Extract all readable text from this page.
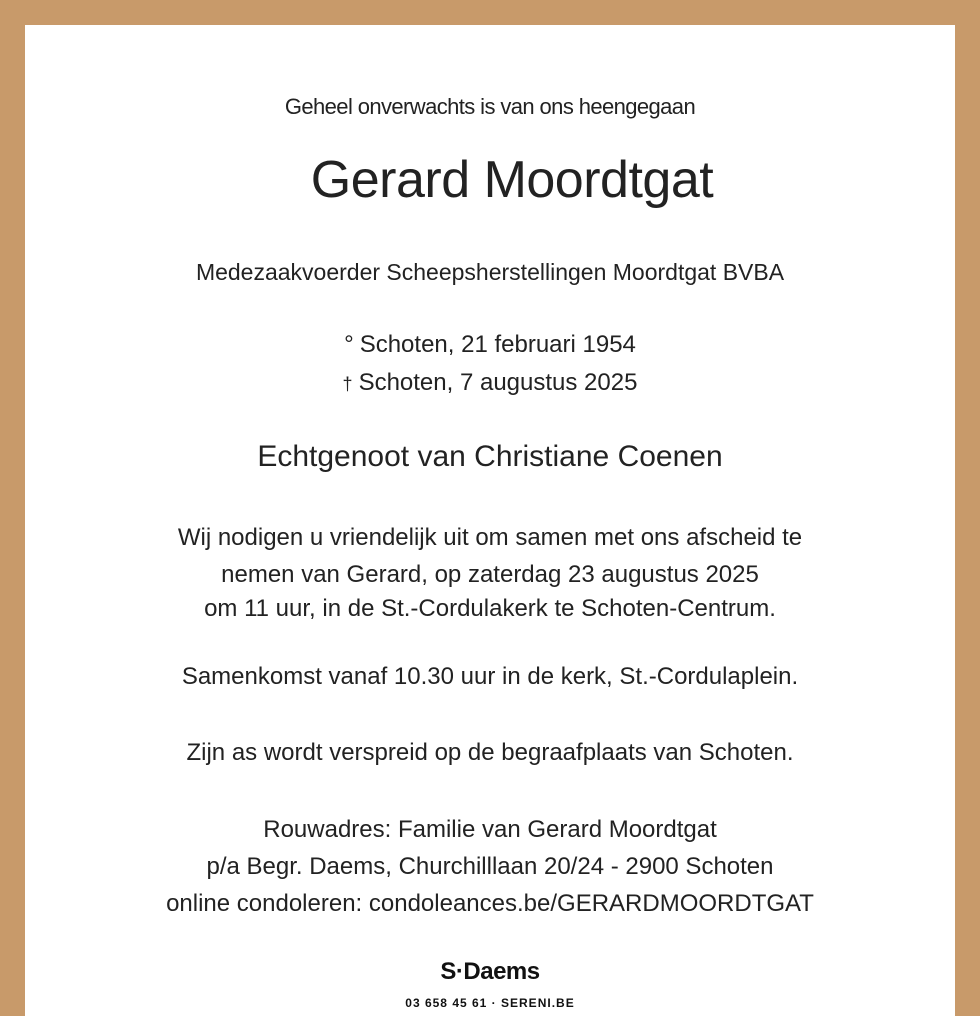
Geheel onverwachts is van ons heengegaan
Gerard Moordtgat
Medezaakvoerder Scheepsherstellingen Moordtgat BVBA
° Schoten, 21 februari 1954
† Schoten, 7 augustus 2025
Echtgenoot van Christiane Coenen
Wij nodigen u vriendelijk uit om samen met ons afscheid te
nemen van Gerard, op zaterdag 23 augustus 2025
om 11 uur, in de St.-Cordulakerk te Schoten-Centrum.
Samenkomst vanaf 10.30 uur in de kerk, St.-Cordulaplein.
Zijn as wordt verspreid op de begraafplaats van Schoten.
Rouwadres: Familie van Gerard Moordtgat
p/a Begr. Daems, Churchilllaan 20/24 - 2900 Schoten
online condoleren: condoleances.be/GERARDMOORDTGAT
S·Daems
03 658 45 61 · SERENI.BE
